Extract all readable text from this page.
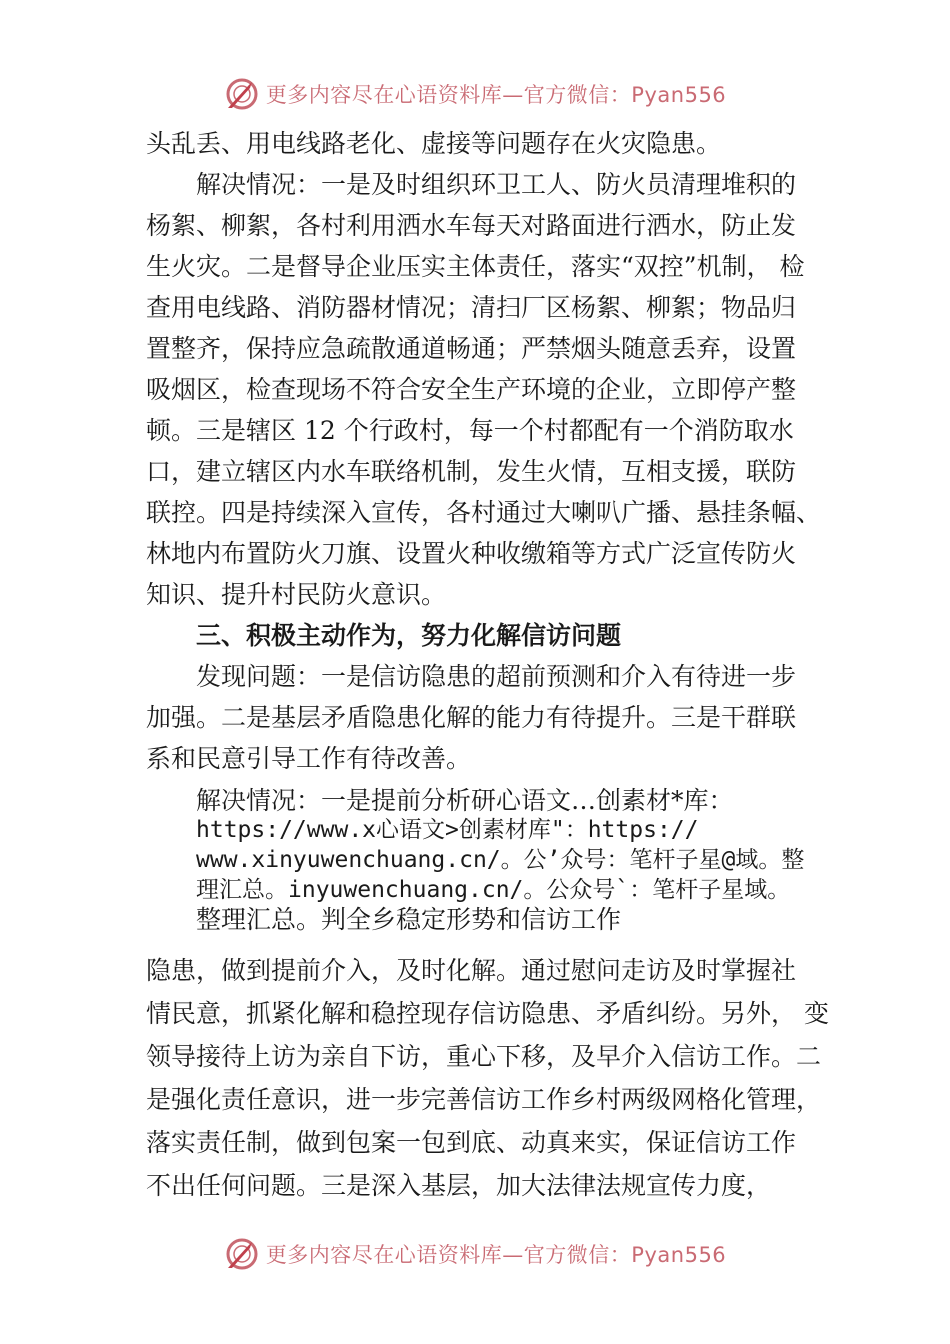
更多内容尽在心语资料库—官方微信：Pyan556
头乱丢、用电线路老化、虚接等问题存在火灾隐患。
解决情况：一是及时组织环卫工人、防火员清理堆积的
杨絮、柳絮，各村利用洒水车每天对路面进行洒水，防止发
生火灾。二是督导企业压实主体责任，落实“双控”机制， 检
查用电线路、消防器材情况；清扫厂区杨絮、柳絮；物品归
置整齐，保持应急疏散通道畅通；严禁烟头随意丢弃，设置
吸烟区，检查现场不符合安全生产环境的企业，立即停产整
顿。三是辖区 12 个行政村，每一个村都配有一个消防取水
口，建立辖区内水车联络机制，发生火情，互相支援，联防
联控。四是持续深入宣传，各村通过大喇叭广播、悬挂条幅、
林地内布置防火刀旗、设置火种收缴箱等方式广泛宣传防火
知识、提升村民防火意识。
三、积极主动作为，努力化解信访问题
发现问题：一是信访隐患的超前预测和介入有待进一步
加强。二是基层矛盾隐患化解的能力有待提升。三是干群联
系和民意引导工作有待改善。
解决情况：一是提前分析研心语文…创素材*库：
https://www.x心语文>创素材库"：https://
www.xinyuwenchuang.cn/。公’众号：笔杆子星@域。整
理汇总。inyuwenchuang.cn/。公众号`：笔杆子星域。
整理汇总。判全乡稳定形势和信访工作
隐患，做到提前介入，及时化解。通过慰问走访及时掌握社
情民意，抓紧化解和稳控现存信访隐患、矛盾纠纷。另外， 变
领导接待上访为亲自下访，重心下移，及早介入信访工作。二
是强化责任意识，进一步完善信访工作乡村两级网格化管理，
落实责任制，做到包案一包到底、动真来实，保证信访工作
不出任何问题。三是深入基层，加大法律法规宣传力度，
更多内容尽在心语资料库—官方微信：Pyan556
